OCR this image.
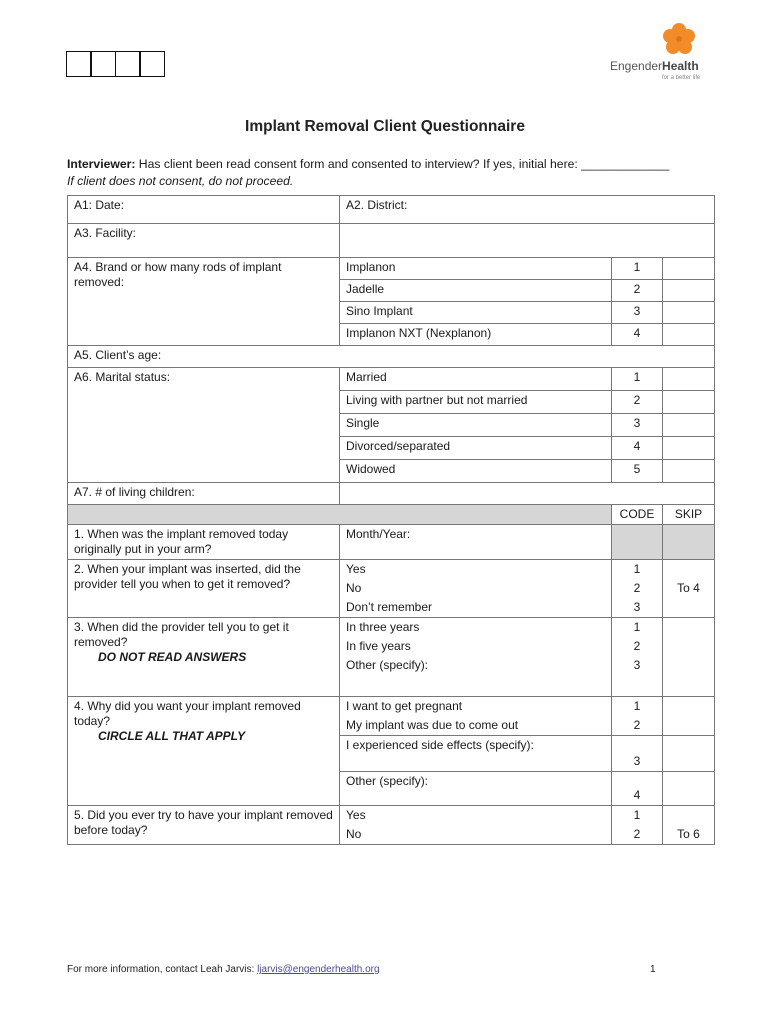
EngenderHealth
for a better life
Implant Removal Client Questionnaire
Interviewer: Has client been read consent form and consented to interview? If yes, initial here: _____________
If client does not consent, do not proceed.
A1: Date:	A2. District:		
A3. Facility:			
A4. Brand or how many rods of implant removed:	Implanon	1	
	Jadelle	2	
	Sino Implant	3	
	Implanon NXT (Nexplanon)	4	
A5. Client’s age:			
A6. Marital status:	Married	1	
	Living with partner but not married	2	
	Single	3	
	Divorced/separated	4	
	Widowed	5	
A7. # of living children:			
		CODE	SKIP
1. When was the implant removed today originally put in your arm?	Month/Year:		
2. When your implant was inserted, did the provider tell you when to get it removed?	Yes	1	
	No	2	To 4
	Don’t remember	3	

3. When did the provider tell you to get it removed?
DO NOT READ ANSWERS	In three years	1	
	In five years	2	
	Other (specify):	3	

4. Why did you want your implant removed today?
CIRCLE ALL THAT APPLY	I want to get pregnant	1	
	My implant was due to come out	2	
	I experienced side effects (specify):	3	
	Other (specify):	4	
5. Did you ever try to have your implant removed before today?	Yes	1	
	No	2	To 6
For more information, contact Leah Jarvis: ljarvis@engenderhealth.org	1
